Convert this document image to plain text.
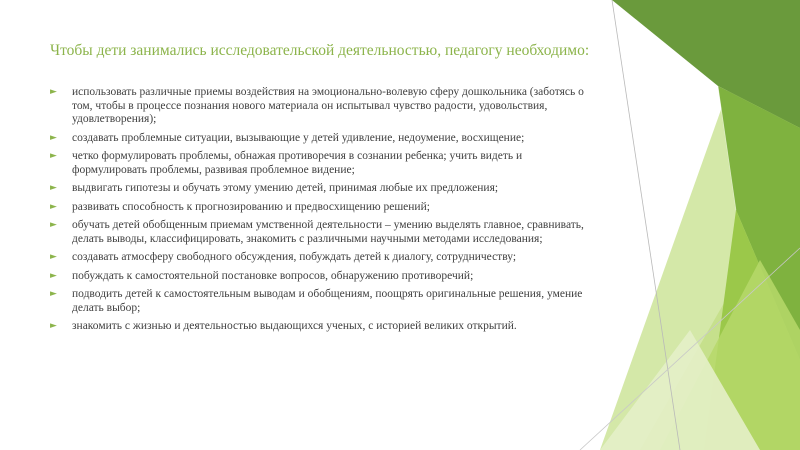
Чтобы дети занимались исследовательской деятельностью, педагогу необходимо:
► использовать различные приемы воздействия на эмоционально-волевую сферу дошкольника (заботясь о том, чтобы в процессе познания нового материала он испытывал чувство радости, удовольствия, удовлетворения);
► создавать проблемные ситуации, вызывающие у детей удивление, недоумение, восхищение;
► четко формулировать проблемы, обнажая противоречия в сознании ребенка; учить видеть и формулировать проблемы, развивая проблемное видение;
► выдвигать гипотезы и обучать этому умению детей, принимая любые их предложения;
► развивать способность к прогнозированию и предвосхищению решений;
► обучать детей обобщенным приемам умственной деятельности – умению выделять главное, сравнивать, делать выводы, классифицировать, знакомить с различными научными методами исследования;
► создавать атмосферу свободного обсуждения, побуждать детей к диалогу, сотрудничеству;
► побуждать к самостоятельной постановке вопросов, обнаружению противоречий;
► подводить детей к самостоятельным выводам и обобщениям, поощрять оригинальные решения, умение делать выбор;
► знакомить с жизнью и деятельностью выдающихся ученых, с историей великих открытий.
